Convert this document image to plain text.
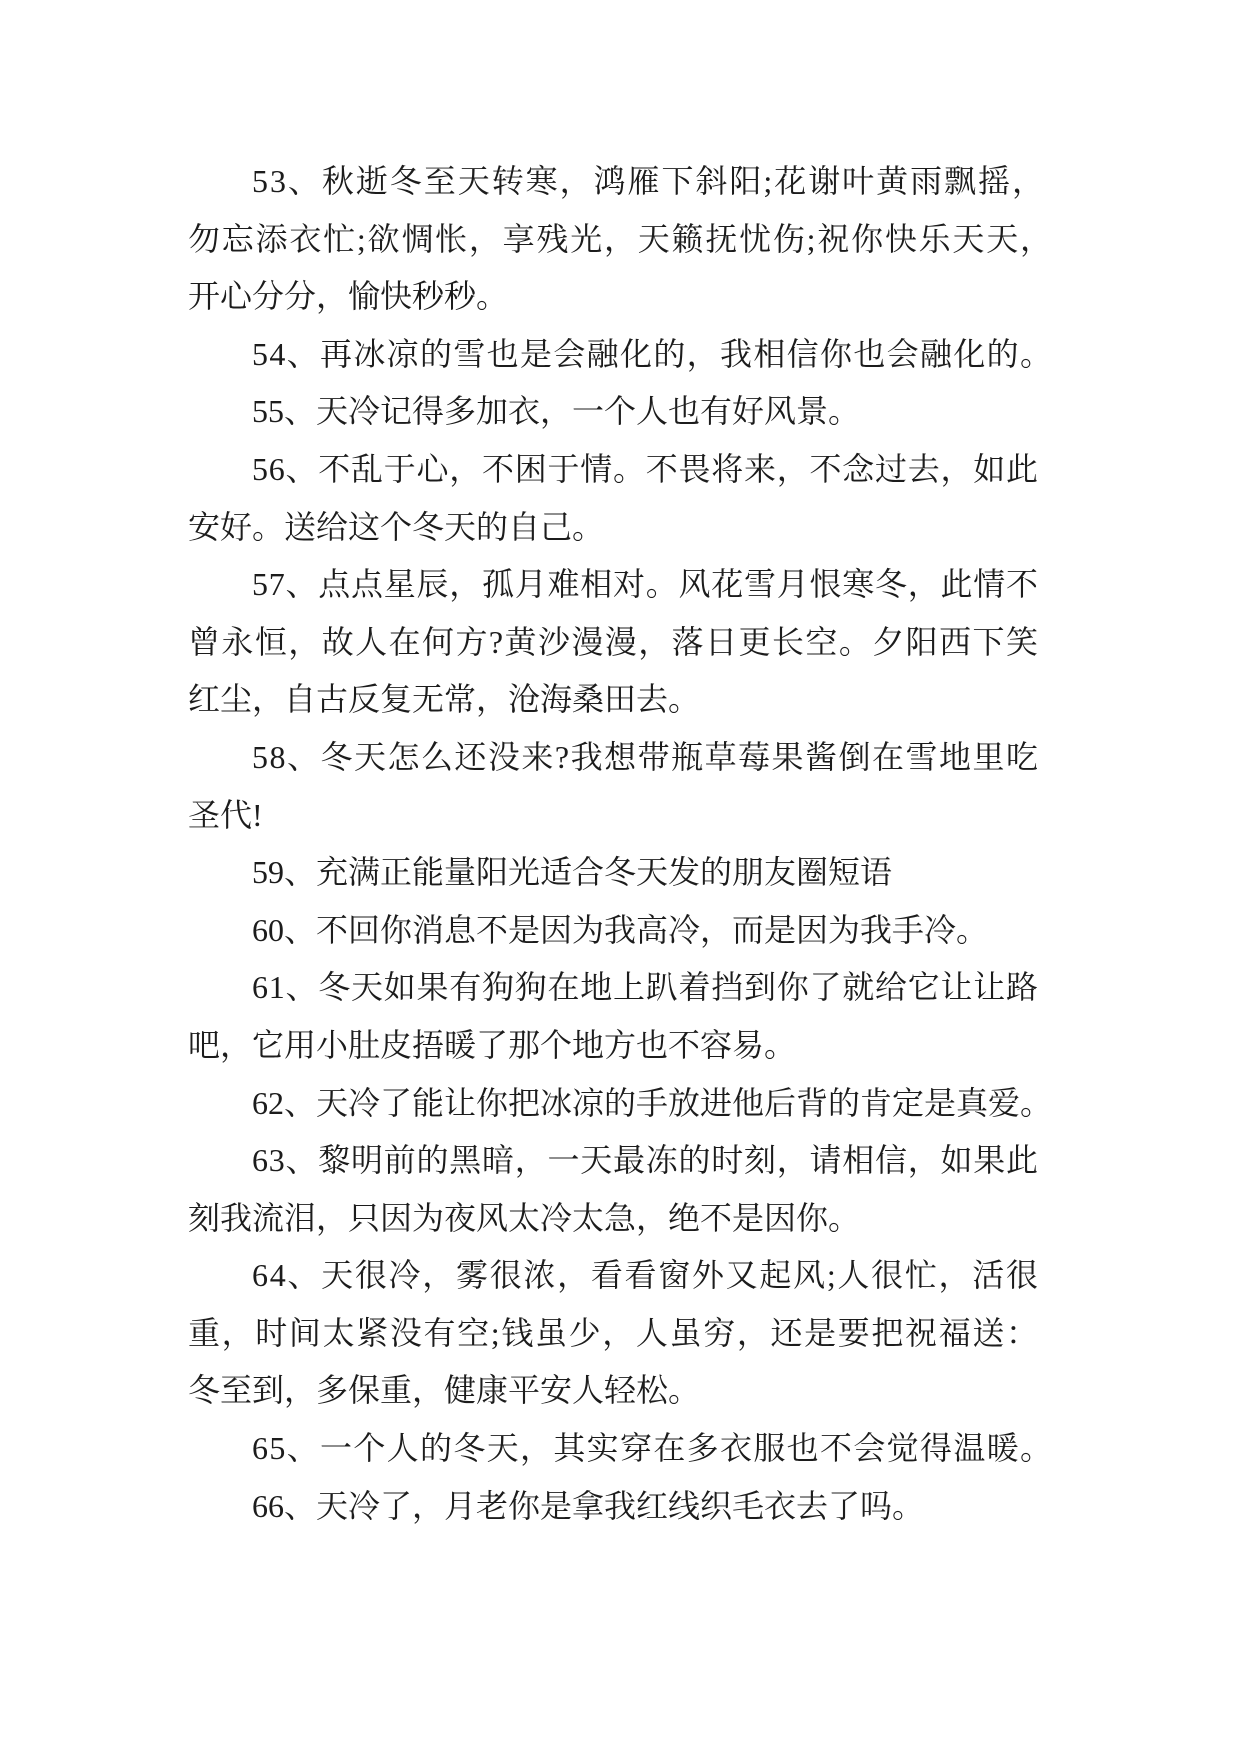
53、秋逝冬至天转寒，鸿雁下斜阳;花谢叶黄雨飘摇，
勿忘添衣忙;欲惆怅，享残光，天籁抚忧伤;祝你快乐天天，
开心分分，愉快秒秒。
54、再冰凉的雪也是会融化的，我相信你也会融化的。
55、天冷记得多加衣，一个人也有好风景。
56、不乱于心，不困于情。不畏将来，不念过去，如此
安好。送给这个冬天的自己。
57、点点星辰，孤月难相对。风花雪月恨寒冬，此情不
曾永恒，故人在何方?黄沙漫漫，落日更长空。夕阳西下笑
红尘，自古反复无常，沧海桑田去。
58、冬天怎么还没来?我想带瓶草莓果酱倒在雪地里吃
圣代!
59、充满正能量阳光适合冬天发的朋友圈短语
60、不回你消息不是因为我高冷，而是因为我手冷。
61、冬天如果有狗狗在地上趴着挡到你了就给它让让路
吧，它用小肚皮捂暖了那个地方也不容易。
62、天冷了能让你把冰凉的手放进他后背的肯定是真爱。
63、黎明前的黑暗，一天最冻的时刻，请相信，如果此
刻我流泪，只因为夜风太冷太急，绝不是因你。
64、天很冷，雾很浓，看看窗外又起风;人很忙，活很
重，时间太紧没有空;钱虽少，人虽穷，还是要把祝福送：
冬至到，多保重，健康平安人轻松。
65、一个人的冬天，其实穿在多衣服也不会觉得温暖。
66、天冷了，月老你是拿我红线织毛衣去了吗。
